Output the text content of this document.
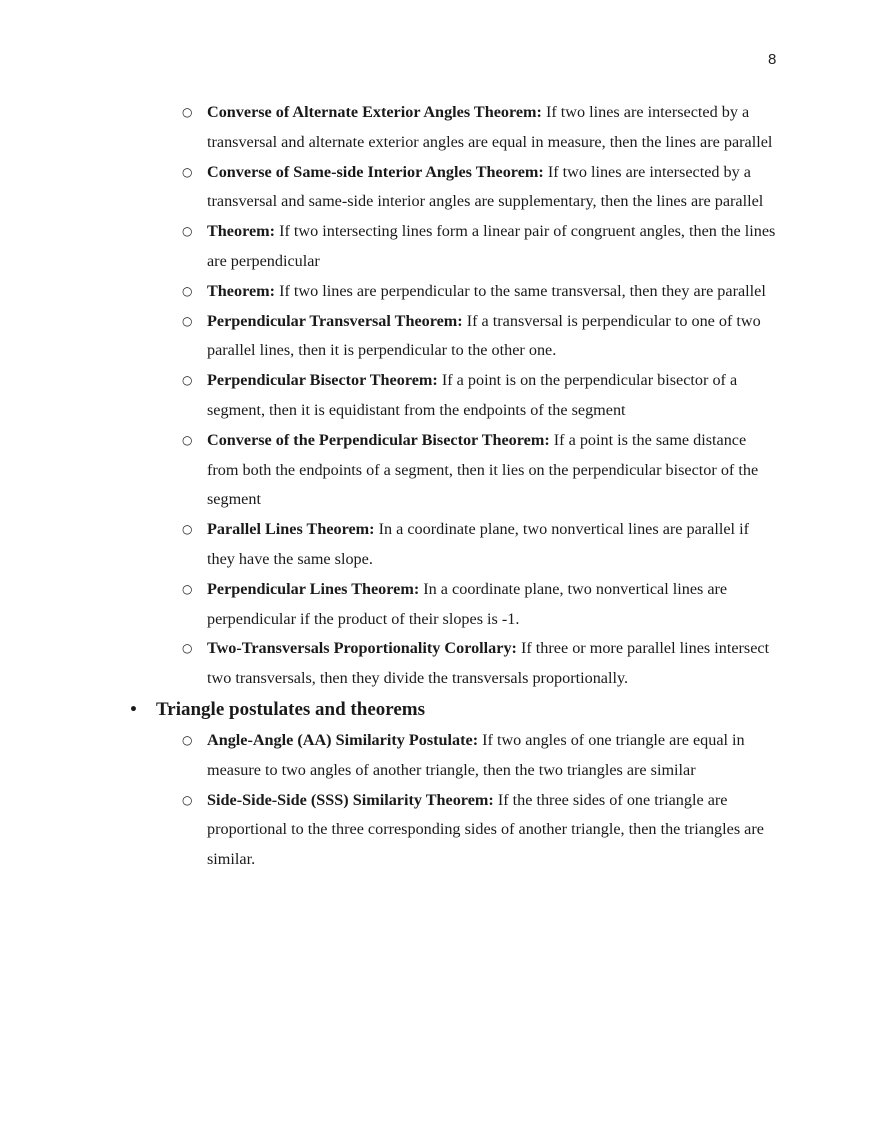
8
○ Converse of Alternate Exterior Angles Theorem: If two lines are intersected by a transversal and alternate exterior angles are equal in measure, then the lines are parallel
○ Converse of Same-side Interior Angles Theorem: If two lines are intersected by a transversal and same-side interior angles are supplementary, then the lines are parallel
○ Theorem: If two intersecting lines form a linear pair of congruent angles, then the lines are perpendicular
○ Theorem: If two lines are perpendicular to the same transversal, then they are parallel
○ Perpendicular Transversal Theorem: If a transversal is perpendicular to one of two parallel lines, then it is perpendicular to the other one.
○ Perpendicular Bisector Theorem: If a point is on the perpendicular bisector of a segment, then it is equidistant from the endpoints of the segment
○ Converse of the Perpendicular Bisector Theorem: If a point is the same distance from both the endpoints of a segment, then it lies on the perpendicular bisector of the segment
○ Parallel Lines Theorem: In a coordinate plane, two nonvertical lines are parallel if they have the same slope.
○ Perpendicular Lines Theorem: In a coordinate plane, two nonvertical lines are perpendicular if the product of their slopes is -1.
○ Two-Transversals Proportionality Corollary: If three or more parallel lines intersect two transversals, then they divide the transversals proportionally.
• Triangle postulates and theorems
○ Angle-Angle (AA) Similarity Postulate: If two angles of one triangle are equal in measure to two angles of another triangle, then the two triangles are similar
○ Side-Side-Side (SSS) Similarity Theorem: If the three sides of one triangle are proportional to the three corresponding sides of another triangle, then the triangles are similar.
